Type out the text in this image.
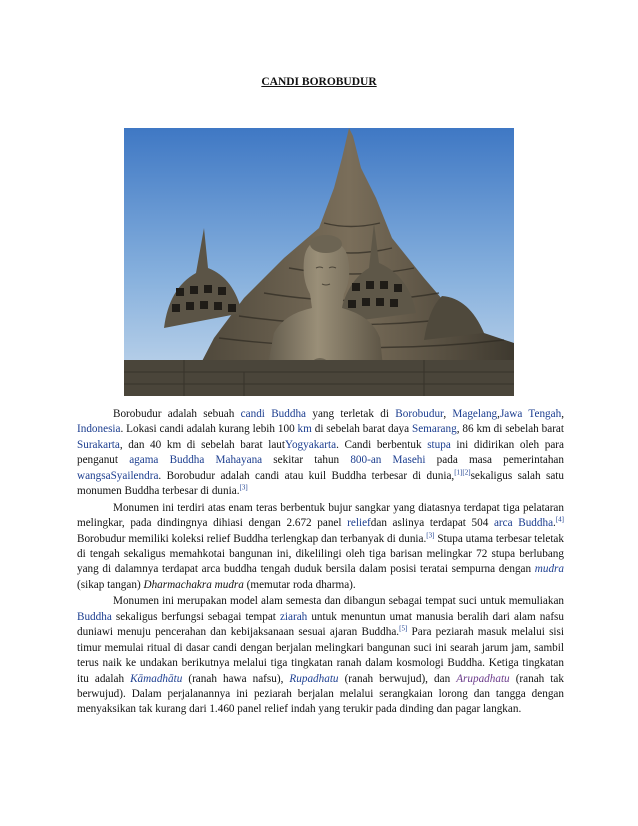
CANDI BOROBUDUR

Borobudur adalah sebuah candi Buddha yang terletak di Borobudur, Magelang,Jawa Tengah, Indonesia. Lokasi candi adalah kurang lebih 100 km di sebelah barat daya Semarang, 86 km di sebelah barat Surakarta, dan 40 km di sebelah barat lautYogyakarta. Candi berbentuk stupa ini didirikan oleh para penganut agama Buddha Mahayana sekitar tahun 800-an Masehi pada masa pemerintahan wangsaSyailendra. Borobudur adalah candi atau kuil Buddha terbesar di dunia,[1][2]sekaligus salah satu monumen Buddha terbesar di dunia.[3]

Monumen ini terdiri atas enam teras berbentuk bujur sangkar yang diatasnya terdapat tiga pelataran melingkar, pada dindingnya dihiasi dengan 2.672 panel reliefdan aslinya terdapat 504 arca Buddha.[4] Borobudur memiliki koleksi relief Buddha terlengkap dan terbanyak di dunia.[3] Stupa utama terbesar teletak di tengah sekaligus memahkotai bangunan ini, dikelilingi oleh tiga barisan melingkar 72 stupa berlubang yang di dalamnya terdapat arca buddha tengah duduk bersila dalam posisi teratai sempurna dengan mudra (sikap tangan) Dharmachakra mudra (memutar roda dharma).

Monumen ini merupakan model alam semesta dan dibangun sebagai tempat suci untuk memuliakan Buddha sekaligus berfungsi sebagai tempat ziarah untuk menuntun umat manusia beralih dari alam nafsu duniawi menuju pencerahan dan kebijaksanaan sesuai ajaran Buddha.[5] Para peziarah masuk melalui sisi timur memulai ritual di dasar candi dengan berjalan melingkari bangunan suci ini searah jarum jam, sambil terus naik ke undakan berikutnya melalui tiga tingkatan ranah dalam kosmologi Buddha. Ketiga tingkatan itu adalah Kāmadhātu (ranah hawa nafsu), Rupadhatu (ranah berwujud), dan Arupadhatu (ranah tak berwujud). Dalam perjalanannya ini peziarah berjalan melalui serangkaian lorong dan tangga dengan menyaksikan tak kurang dari 1.460 panel relief indah yang terukir pada dinding dan pagar langkan.
